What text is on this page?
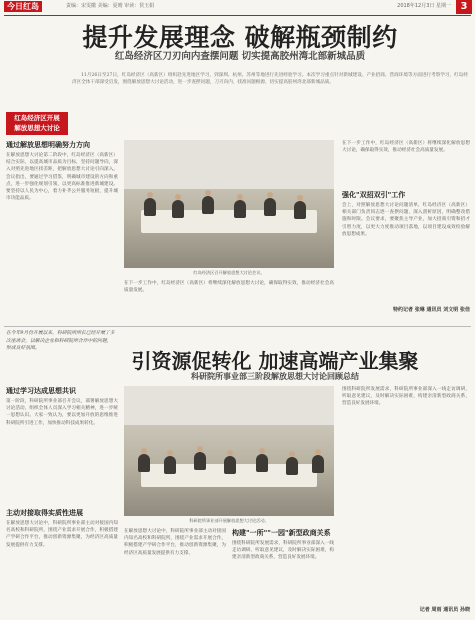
今日红岛	责编：宋雯徽 美编：夏晴 审读：侯玉娟	2018年12月3日 星期一 3
提升发展理念 破解瓶颈制约
红岛经济区刀刃向内查摆问题 切实提高胶州湾北部新城品质
红岛经济区开展
解放思想大讨论
11月26日至27日，红岛经济区（高新区）组织赴先进地区学习，到深圳、杭州、苏州等地进行先进经验学习。本次学习重点针对新城建设、产业招商、营商环境等方面进行考察学习，红岛经济区全体干部深受启发，围绕解放思想大讨论活动，进一步查摆问题，刀刃向内，找准问题根源，切实提高胶州湾北部新城品质。
通过解放思想明确努力方向
在解放思想大讨论第二阶段中，红岛经济区（高新区）结合实际，以提高城市品质为目标，坚持问题导向，深入对照先进地区找差距，把解放思想大讨论引向深入。会议指出，要通过学习借鉴，明确城市建设的方向和重点，进一步强化规划引领，以更高标准推进新城建设。要坚持以人民为中心，着力补齐公共服务短板，提升城市功能品质。
红岛经济区召开解放思想大讨论会议。
在下一步工作中，红岛经济区（高新区）将继续深化解放思想大讨论，确保取得实效，推动经济社会高质量发展。
强化"双招双引"工作
在下一步工作中，红岛经济区（高新区）将继续深化解放思想大讨论，确保取得实效，推动经济社会高质量发展。
会上，对照解放思想大讨论问题清单，红岛经济区（高新区）相关部门负责同志逐一查摆问题，深入剖析原因，明确整改措施和时限。会议要求，要聚焦主导产业，加大招商引资和招才引智力度，以更大力度推动项目落地，以项目建设成效检验解放思想成果。
特约记者 张琳 通讯员 刘文明 张佳
在今年9月份开展以来，科研院所所长已经开展了多次座谈会，以解决企业和科研院所合作中的问题，形成良好氛围。
引资源促转化 加速高端产业集聚
科研院所事业部三阶段解放思想大讨论回顾总结
通过学习达成思想共识
第一阶段，科研院所事业部召开会议，部署解放思想大讨论活动，组织全体人员深入学习相关精神，进一步统一思想认识。大家一致认为，要以更加开放的思维推进科研院所引进工作，加快推动科技成果转化。
主动对接取得实质性进展
在解放思想大讨论中，科研院所事业部主动对接国内知名高校和科研院所，围绕产业需求开展合作，积极搭建产学研合作平台，推动创新资源集聚，为经济区高质量发展提供有力支撑。
科研院所事业部开展解放思想大讨论活动。
在解放思想大讨论中，科研院所事业部主动对接国内知名高校和科研院所，围绕产业需求开展合作，积极搭建产学研合作平台，推动创新资源集聚，为经济区高质量发展提供有力支撑。
构建"一所""一园"新型政商关系
围绕科研院所发展需求，科研院所事业部深入一线走访调研，听取意见建议，及时解决实际困难，构建亲清新型政商关系，营造良好发展环境。
围绕科研院所发展需求，科研院所事业部深入一线走访调研，听取意见建议，及时解决实际困难，构建亲清新型政商关系，营造良好发展环境。
记者 周雨 通讯员 孙晓
